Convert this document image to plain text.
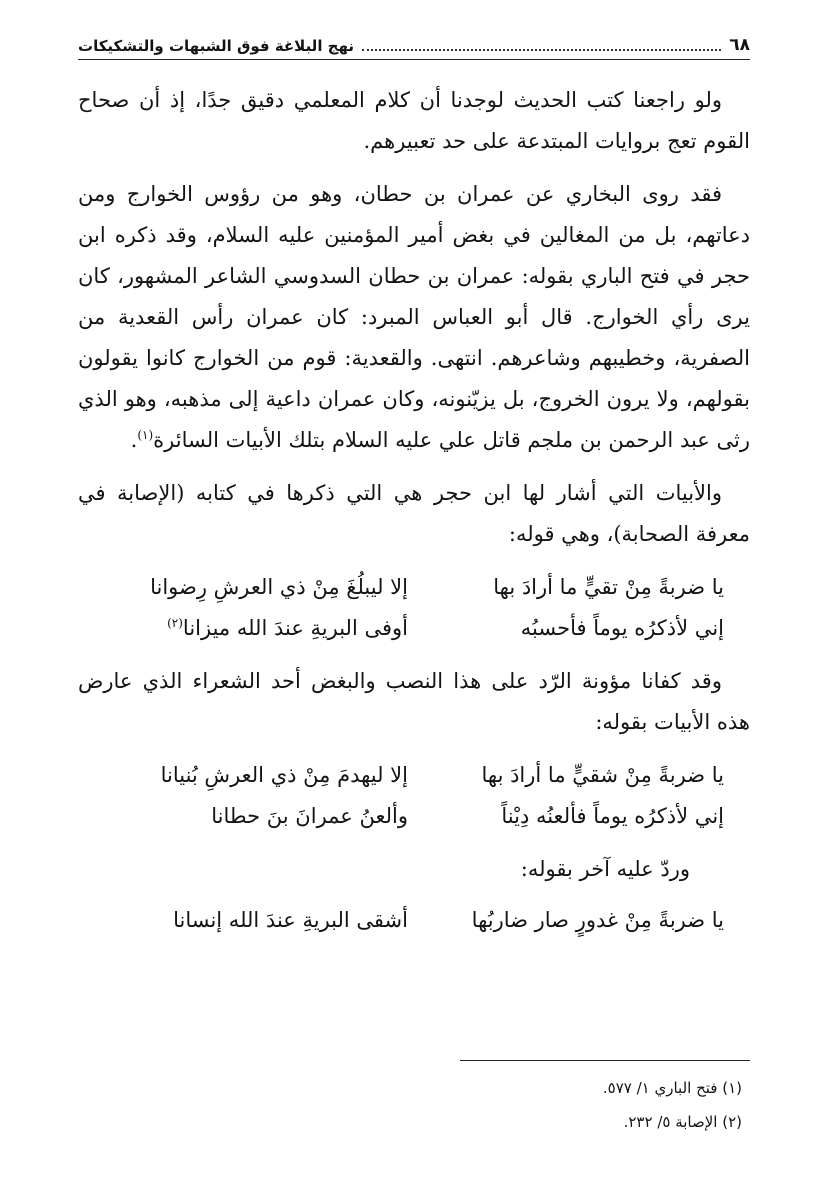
٦٨
نهج البلاغة فوق الشبهات والتشكيكات

ولو راجعنا كتب الحديث لوجدنا أن كلام المعلمي دقيق جدًا، إذ أن صحاح القوم تعج بروايات المبتدعة على حد تعبيرهم.

فقد روى البخاري عن عمران بن حطان، وهو من رؤوس الخوارج ومن دعاتهم، بل من المغالين في بغض أمير المؤمنين عليه السلام، وقد ذكره ابن حجر في فتح الباري بقوله: عمران بن حطان السدوسي الشاعر المشهور، كان يرى رأي الخوارج. قال أبو العباس المبرد: كان عمران رأس القعدية من الصفرية، وخطيبهم وشاعرهم. انتهى. والقعدية: قوم من الخوارج كانوا يقولون بقولهم، ولا يرون الخروج، بل يزيّنونه، وكان عمران داعية إلى مذهبه، وهو الذي رثى عبد الرحمن بن ملجم قاتل علي عليه السلام بتلك الأبيات السائرة$^{(١)}$.

والأبيات التي أشار لها ابن حجر هي التي ذكرها في كتابه (الإصابة في معرفة الصحابة)، وهي قوله:

يا ضربةً مِنْ تقيٍّ ما أرادَ بها
إلا ليبلُغَ مِنْ ذي العرشِ رِضوانا
إني لأذكرُه يوماً فأحسبُه
أوفى البريةِ عندَ الله ميزانا$^{(٢)}$

وقد كفانا مؤونة الرّد على هذا النصب والبغض أحد الشعراء الذي عارض هذه الأبيات بقوله:

يا ضربةً مِنْ شقيٍّ ما أرادَ بها
إلا ليهدمَ مِنْ ذي العرشِ بُنيانا
إني لأذكرُه يوماً فألعنُه دِيْناً
وألعنُ عمرانَ بنَ حطانا

وردّ عليه آخر بقوله:

يا ضربةً مِنْ غدورٍ صار ضاربُها
أشقى البريةِ عندَ الله إنسانا
(١) فتح الباري ١/ ٥٧٧.
(٢) الإصابة ٥/ ٢٣٢.
